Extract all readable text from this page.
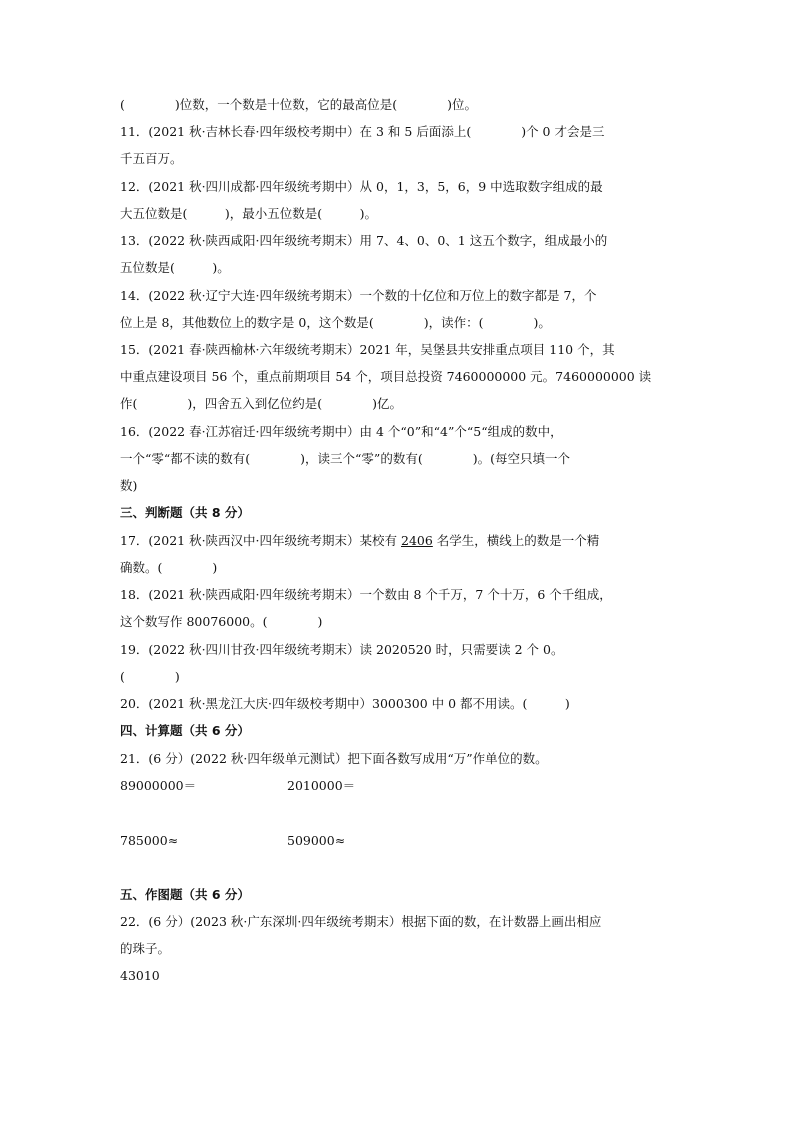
(　　　　)位数，一个数是十位数，它的最高位是(　　　　)位。
11．(2021 秋·吉林长春·四年级校考期中）在 3 和 5 后面添上(　　　　)个 0 才会是三
千五百万。
12．(2021 秋·四川成都·四年级统考期中）从 0，1，3，5，6，9 中选取数字组成的最
大五位数是(　　　)，最小五位数是(　　　)。
13．(2022 秋·陕西咸阳·四年级统考期末）用 7、4、0、0、1 这五个数字，组成最小的
五位数是(　　　)。
14．(2022 秋·辽宁大连·四年级统考期末）一个数的十亿位和万位上的数字都是 7，个
位上是 8，其他数位上的数字是 0，这个数是(　　　　)，读作：(　　　　)。
15．(2021 春·陕西榆林·六年级统考期末）2021 年，吴堡县共安排重点项目 110 个，其
中重点建设项目 56 个，重点前期项目 54 个，项目总投资 7460000000 元。7460000000 读
作(　　　　)，四舍五入到亿位约是(　　　　)亿。
16．(2022 春·江苏宿迁·四年级统考期中）由 4 个“0”和“4”个“5“组成的数中，
一个“零“都不读的数有(　　　　)，读三个“零”的数有(　　　　)。(每空只填一个
数)
三、判断题（共 8 分）
17．(2021 秋·陕西汉中·四年级统考期末）某校有 2406 名学生，横线上的数是一个精
确数。(　　　　)
18．(2021 秋·陕西咸阳·四年级统考期末）一个数由 8 个千万，7 个十万，6 个千组成，
这个数写作 80076000。(　　　　)
19．(2022 秋·四川甘孜·四年级统考期末）读 2020520 时，只需要读 2 个 0。
(　　　　)
20．(2021 秋·黑龙江大庆·四年级校考期中）3000300 中 0 都不用读。(　　　)
四、计算题（共 6 分）
21．(6 分）(2022 秋·四年级单元测试）把下面各数写成用“万”作单位的数。
89000000＝	2010000＝
785000≈	509000≈
五、作图题（共 6 分）
22．(6 分）(2023 秋·广东深圳·四年级统考期末）根据下面的数，在计数器上画出相应
的珠子。
43010
